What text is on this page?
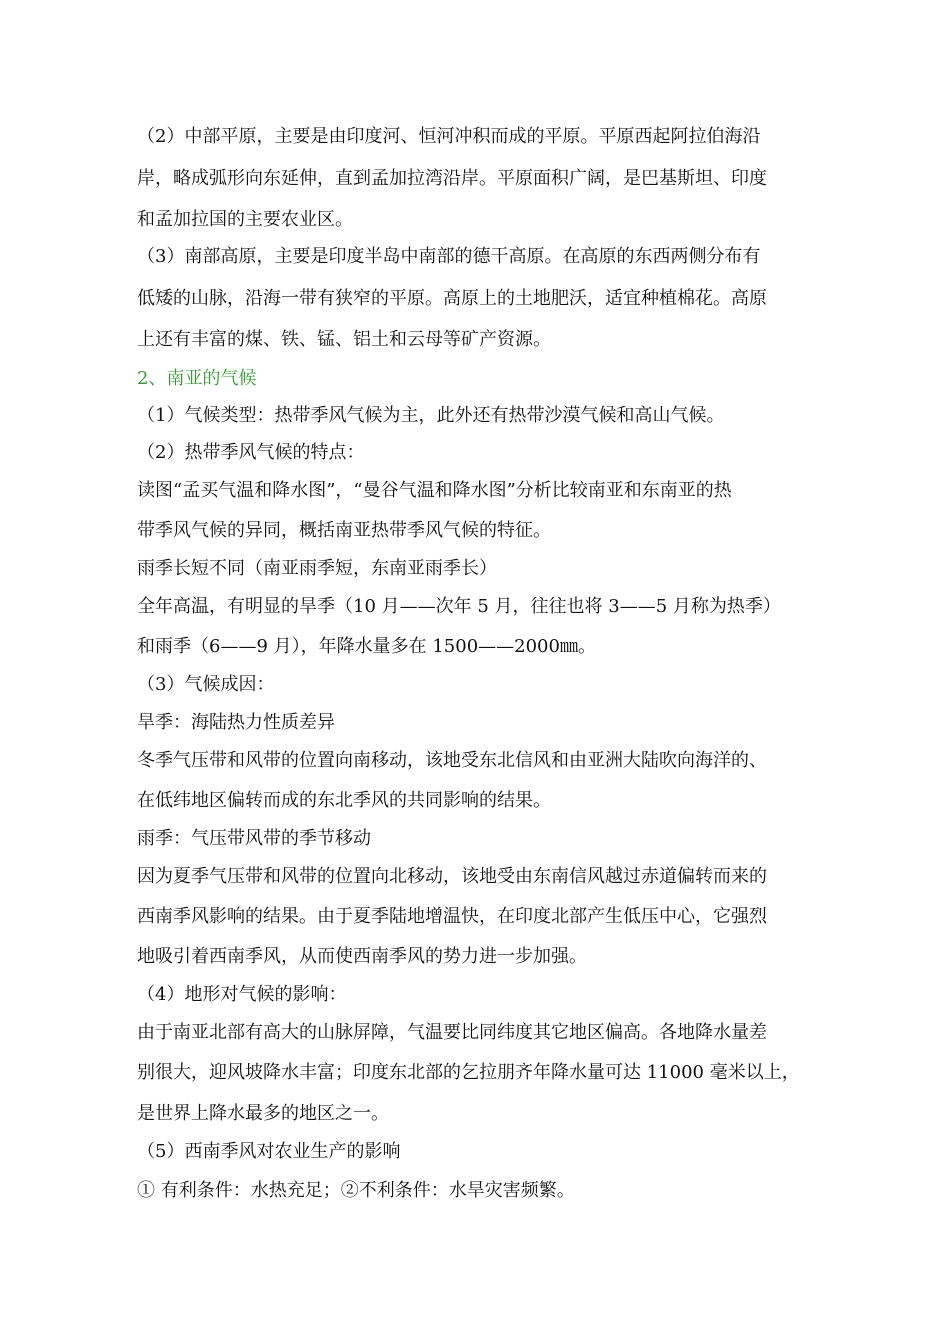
（2）中部平原，主要是由印度河、恒河冲积而成的平原。平原西起阿拉伯海沿
岸，略成弧形向东延伸，直到孟加拉湾沿岸。平原面积广阔，是巴基斯坦、印度
和孟加拉国的主要农业区。
（3）南部高原，主要是印度半岛中南部的德干高原。在高原的东西两侧分布有
低矮的山脉，沿海一带有狭窄的平原。高原上的土地肥沃，适宜种植棉花。高原
上还有丰富的煤、铁、锰、铝土和云母等矿产资源。
2、南亚的气候
（1）气候类型：热带季风气候为主，此外还有热带沙漠气候和高山气候。
（2）热带季风气候的特点：
读图“孟买气温和降水图”，“曼谷气温和降水图”分析比较南亚和东南亚的热
带季风气候的异同，概括南亚热带季风气候的特征。
雨季长短不同（南亚雨季短，东南亚雨季长）
全年高温，有明显的旱季（10 月——次年 5 月，往往也将 3——5 月称为热季）
和雨季（6——9 月），年降水量多在 1500——2000㎜。
（3）气候成因：
旱季：海陆热力性质差异
冬季气压带和风带的位置向南移动，该地受东北信风和由亚洲大陆吹向海洋的、
在低纬地区偏转而成的东北季风的共同影响的结果。
雨季：气压带风带的季节移动
因为夏季气压带和风带的位置向北移动，该地受由东南信风越过赤道偏转而来的
西南季风影响的结果。由于夏季陆地增温快，在印度北部产生低压中心，它强烈
地吸引着西南季风，从而使西南季风的势力进一步加强。
（4）地形对气候的影响：
由于南亚北部有高大的山脉屏障，气温要比同纬度其它地区偏高。各地降水量差
别很大，迎风坡降水丰富；印度东北部的乞拉朋齐年降水量可达 11000 毫米以上，
是世界上降水最多的地区之一。
（5）西南季风对农业生产的影响
① 有利条件：水热充足；②不利条件：水旱灾害频繁。
